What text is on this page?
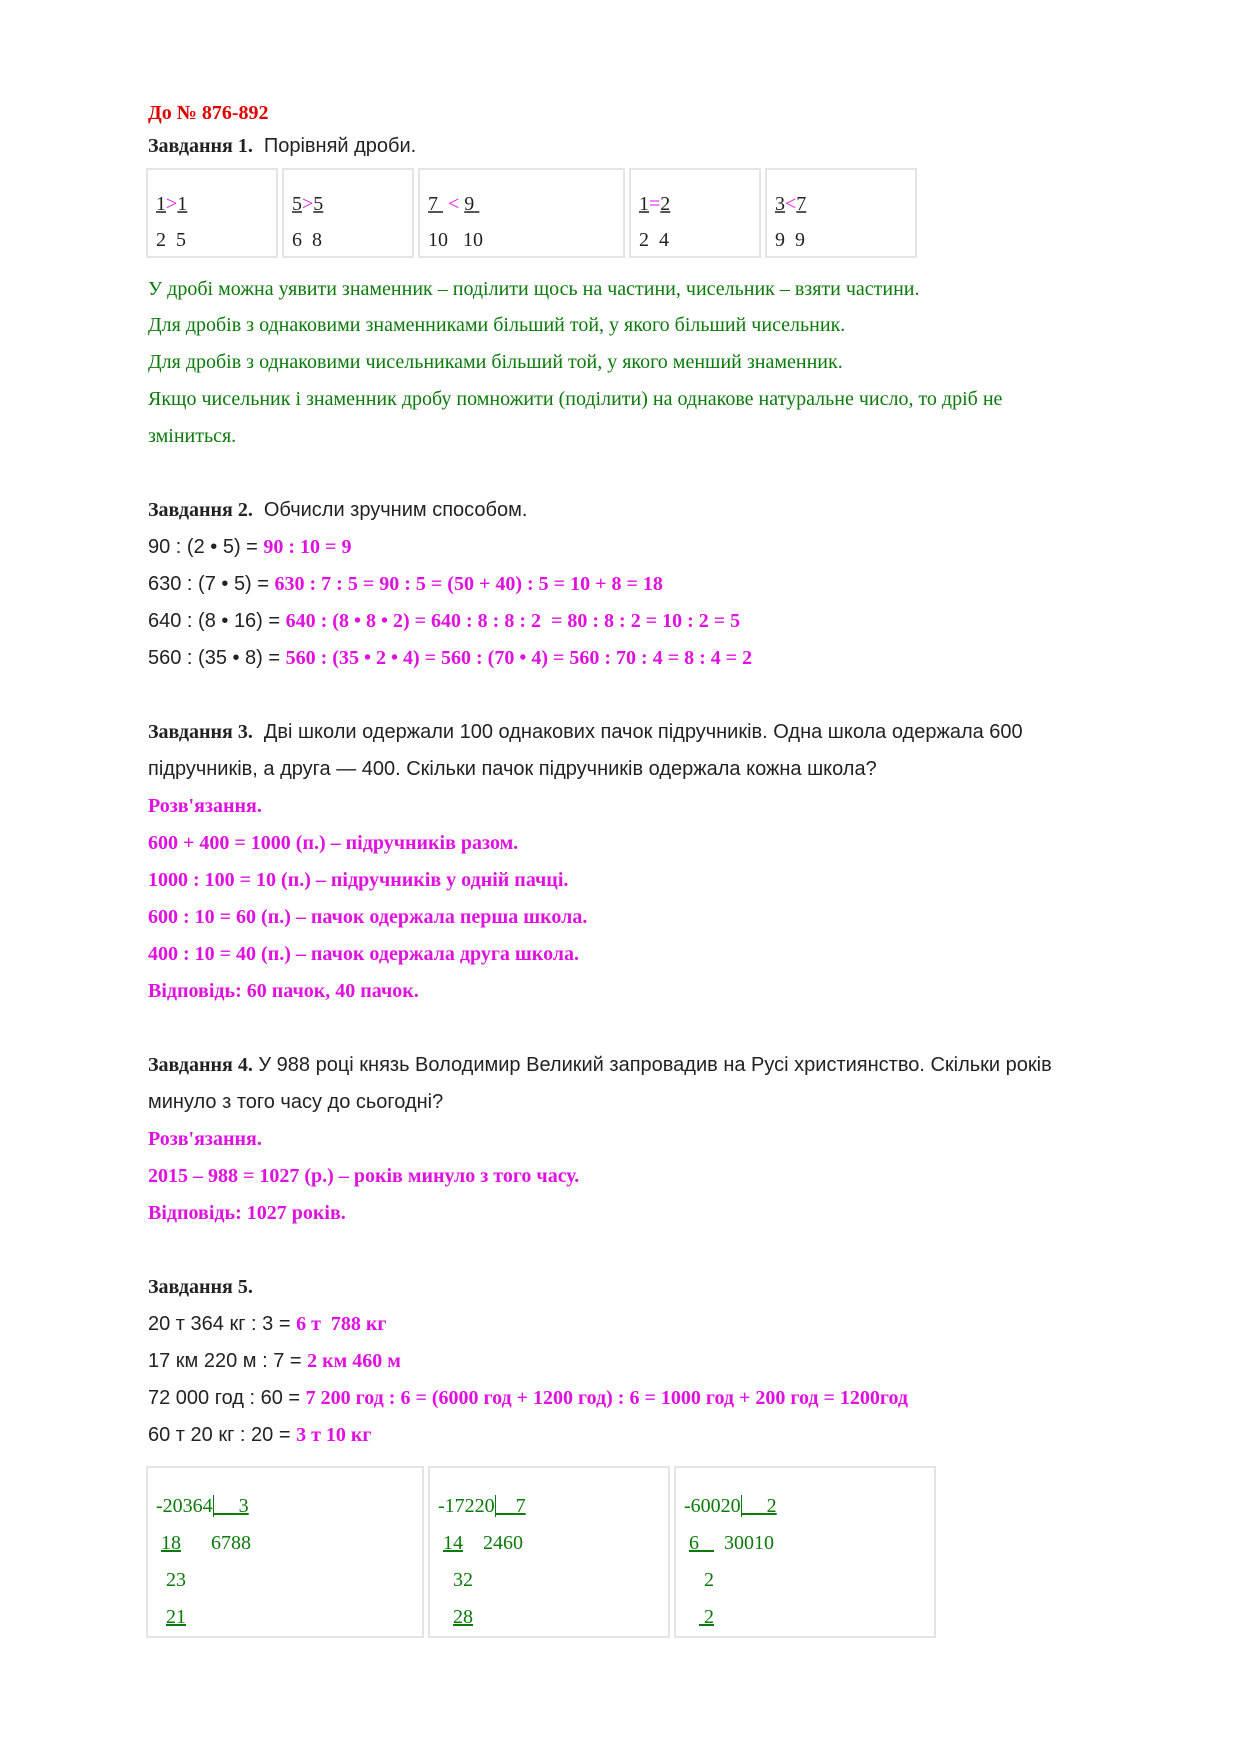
До № 876-892
Завдання 1. Порівняй дроби.
1>1
2 5

5>5
6 8

7 < 9
10 10

1=2
2 4

3<7
9 9
У дробі можна уявити знаменник – поділити щось на частини, чисельник – взяти частини.
Для дробів з однаковими знаменниками більший той, у якого більший чисельник.
Для дробів з однаковими чисельниками більший той, у якого менший знаменник.
Якщо чисельник і знаменник дробу помножити (поділити) на однакове натуральне число, то дріб не
зміниться.
Завдання 2. Обчисли зручним способом.
90 : (2 • 5) = 90 : 10 = 9
630 : (7 • 5) = 630 : 7 : 5 = 90 : 5 = (50 + 40) : 5 = 10 + 8 = 18
640 : (8 • 16) = 640 : (8 • 8 • 2) = 640 : 8 : 8 : 2  = 80 : 8 : 2 = 10 : 2 = 5
560 : (35 • 8) = 560 : (35 • 2 • 4) = 560 : (70 • 4) = 560 : 70 : 4 = 8 : 4 = 2
Завдання 3. Дві школи одержали 100 однакових пачок підручників. Одна школа одержала 600
підручників, а друга — 400. Скільки пачок підручників одержала кожна школа?
Розв'язання.
600 + 400 = 1000 (п.) – підручників разом.
1000 : 100 = 10 (п.) – підручників у одній пачці.
600 : 10 = 60 (п.) – пачок одержала перша школа.
400 : 10 = 40 (п.) – пачок одержала друга школа.
Відповідь: 60 пачок, 40 пачок.
Завдання 4. У 988 році князь Володимир Великий запровадив на Русі християнство. Скільки років
минуло з того часу до сьогодні?
Розв'язання.
2015 – 988 = 1027 (р.) – років минуло з того часу.
Відповідь: 1027 років.
Завдання 5.
20 т 364 кг : 3 = 6 т  788 кг
17 км 220 м : 7 = 2 км 460 м
72 000 год : 60 = 7 200 год : 6 = (6000 год + 1200 год) : 6 = 1000 год + 200 год = 1200год
60 т 20 кг : 20 = 3 т 10 кг
-20364 3
18 6788
23
21

-17220 7
14 2460
32
28

-60020 2
6 30010
2
2
